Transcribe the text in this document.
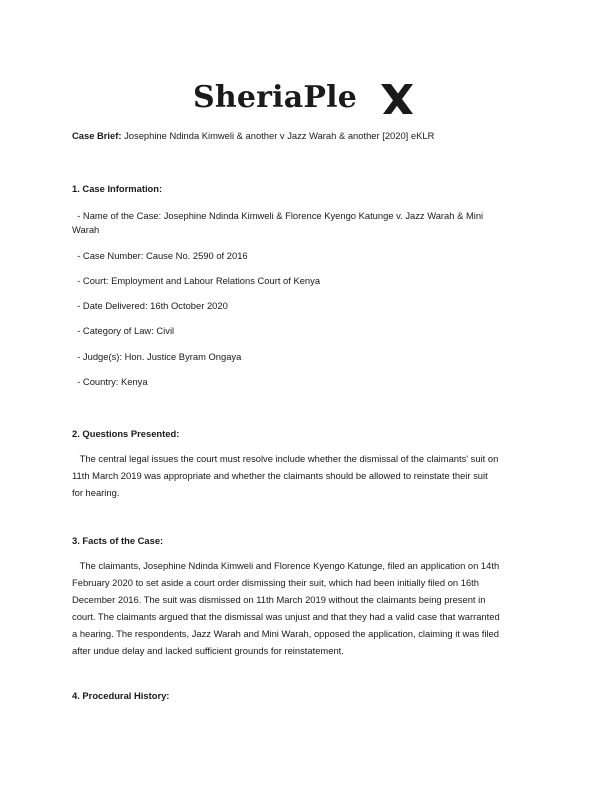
SheriaPle
Case Brief: Josephine Ndinda Kimweli & another v Jazz Warah & another [2020] eKLR
1. Case Information:
- Name of the Case: Josephine Ndinda Kimweli & Florence Kyengo Katunge v. Jazz Warah & Mini
Warah
- Case Number: Cause No. 2590 of 2016
- Court: Employment and Labour Relations Court of Kenya
- Date Delivered: 16th October 2020
- Category of Law: Civil
- Judge(s): Hon. Justice Byram Ongaya
- Country: Kenya
2. Questions Presented:
The central legal issues the court must resolve include whether the dismissal of the claimants' suit on
11th March 2019 was appropriate and whether the claimants should be allowed to reinstate their suit
for hearing.
3. Facts of the Case:
The claimants, Josephine Ndinda Kimweli and Florence Kyengo Katunge, filed an application on 14th
February 2020 to set aside a court order dismissing their suit, which had been initially filed on 16th
December 2016. The suit was dismissed on 11th March 2019 without the claimants being present in
court. The claimants argued that the dismissal was unjust and that they had a valid case that warranted
a hearing. The respondents, Jazz Warah and Mini Warah, opposed the application, claiming it was filed
after undue delay and lacked sufficient grounds for reinstatement.
4. Procedural History:
